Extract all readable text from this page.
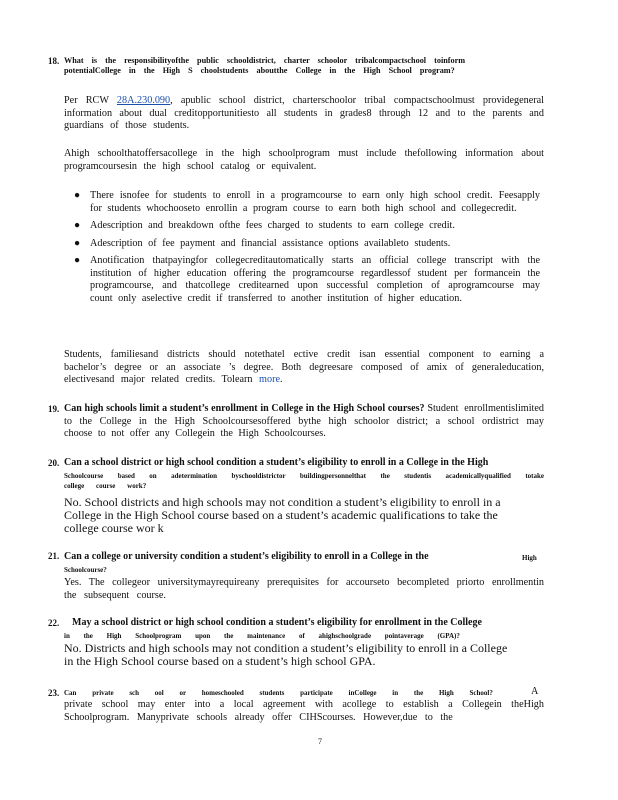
18. What is the responsibilityofthe public schooldistrict, charter schoolor tribalcompactschool toinform potentialCollege in the High S choolstudents aboutthe College in the High School program?
Per RCW 28A.230.090, apublic school district, charterschoolor tribal compactschoolmust providegeneral information about dual creditopportunitiesto all students in grades8 through 12 and to the parents and guardians of those students.
Ahigh schoolthatoffersacollege in the high schoolprogram must include thefollowing information about programcoursesin the high school catalog or equivalent.
● There isnofee for students to enroll in a programcourse to earn only high school credit. Feesapply for students whochooseto enrollin a program course to earn both high school and collegecredit.
● Adescription and breakdown ofthe fees charged to students to earn college credit.
● Adescription of fee payment and financial assistance options availableto students.
● Anotification thatpayingfor collegecreditautomatically starts an official college transcript with the institution of higher education offering the programcourse regardlessof student per formancein the programcourse, and thatcollege creditearned upon successful completion of aprogramcourse may count only aselective credit if transferred to another institution of higher education.
Students, familiesand districts should notethatel ective credit isan essential component to earning a bachelor’s degree or an associate ’s degree. Both degreesare composed of amix of generaleducation, electivesand major related credits. Tolearn more.
19. Can high schools limit a student’s enrollment in College in the High School courses? Student enrollmentislimited to the College in the High Schoolcoursesoffered bythe high schoolor district; a school ordistrict may choose to not offer any Collegein the High Schoolcourses.
20. Can a school district or high school condition a student’s eligibility to enroll in a College in the High
Schoolcourse based on adetermination byschooldistrictor buildingpersonnelthat the studentis academicallyqualified totake college course work?
No. School districts and high schools may not condition a student’s eligibility to enroll in a College in the High School course based on a student’s academic qualifications to take the college course wor k
21. Can a college or university condition a student’s eligibility to enroll in a College in the	High
Schoolcourse?
Yes. The collegeor universitymayrequireany prerequisites for accourseto becompleted priorto enrollmentin the subsequent course.
22. May a school district or high school condition a student’s eligibility for enrollment in the College
in the High Schoolprogram upon the maintenance of ahighschoolgrade pointaverage (GPA)?
No. Districts and high schools may not condition a student’s eligibility to enroll in a College in the High School course based on a student’s high school GPA.
23. Can private sch ool or homeschooled students participate inCollege in the High School?	A
private school may enter into a local agreement with acollege to establish a Collegein theHigh Schoolprogram. Manyprivate schools already offer CIHScourses. However,due to the
7
